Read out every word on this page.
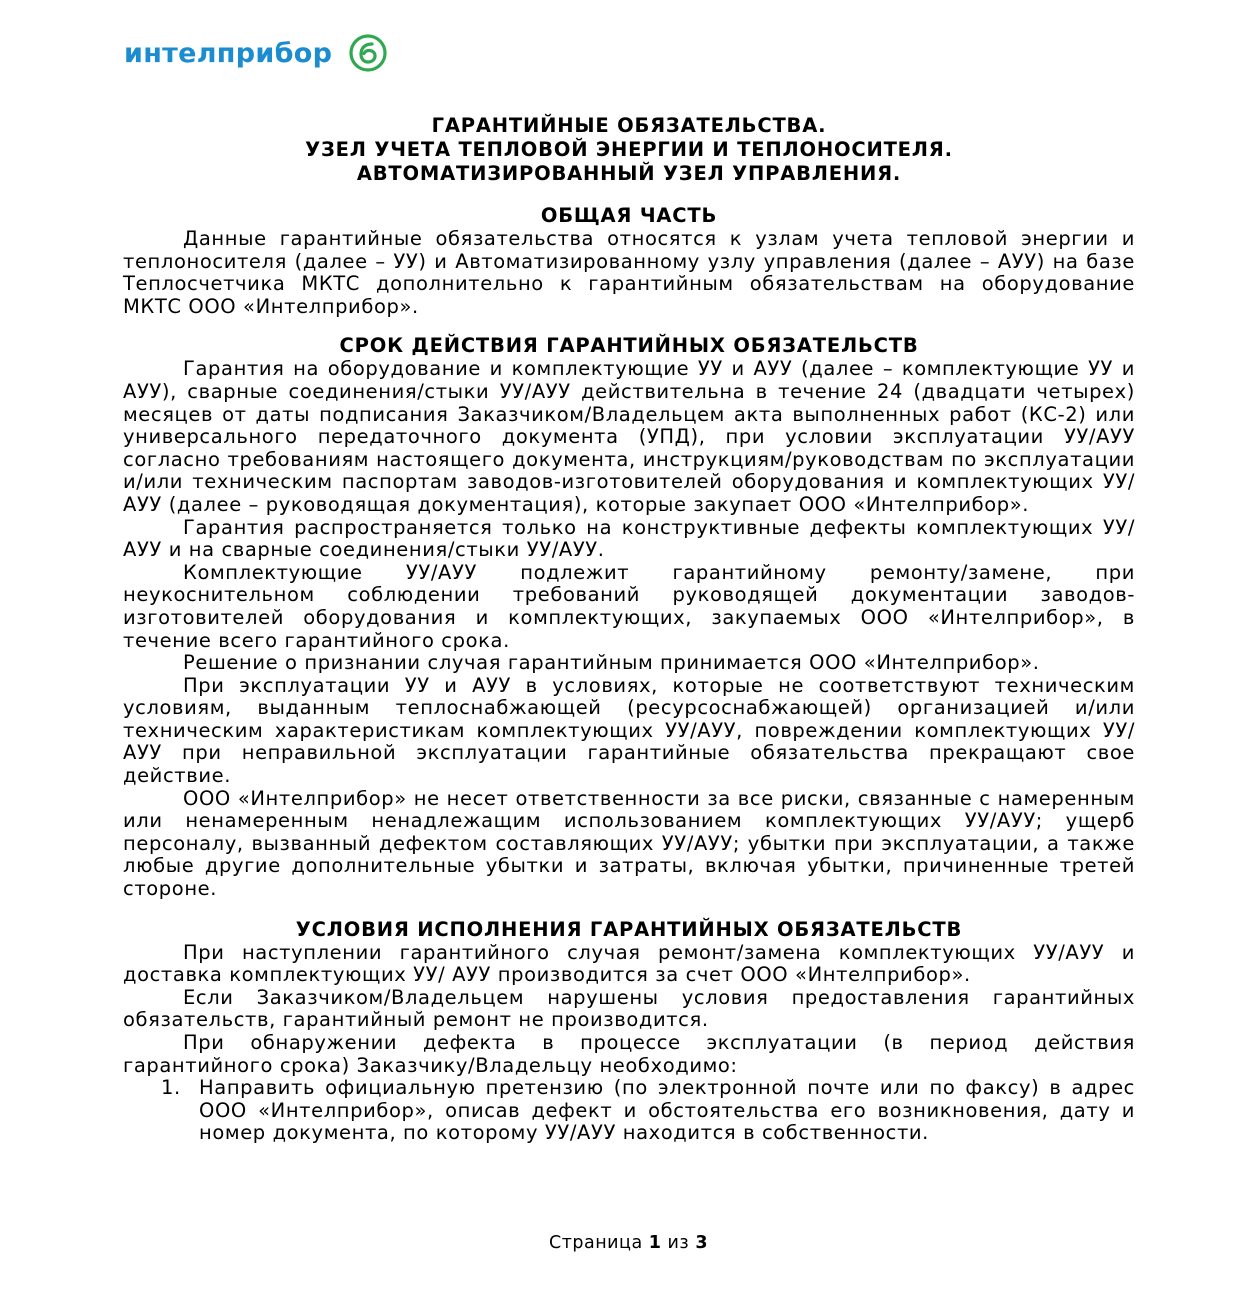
интелприбор
ГАРАНТИЙНЫЕ ОБЯЗАТЕЛЬСТВА.
УЗЕЛ УЧЕТА ТЕПЛОВОЙ ЭНЕРГИИ И ТЕПЛОНОСИТЕЛЯ.
АВТОМАТИЗИРОВАННЫЙ УЗЕЛ УПРАВЛЕНИЯ.
ОБЩАЯ ЧАСТЬ

Данные гарантийные обязательства относятся к узлам учета тепловой энергии и теплоносителя (далее – УУ) и Автоматизированному узлу управления (далее – АУУ) на базе Теплосчетчика МКТС дополнительно к гарантийным обязательствам на оборудование МКТС ООО «Интелприбор».

СРОК ДЕЙСТВИЯ ГАРАНТИЙНЫХ ОБЯЗАТЕЛЬСТВ

Гарантия на оборудование и комплектующие УУ и АУУ (далее – комплектующие УУ и АУУ), сварные соединения/стыки УУ/АУУ действительна в течение 24 (двадцати четырех) месяцев от даты подписания Заказчиком/Владельцем акта выполненных работ (КС-2) или универсального передаточного документа (УПД), при условии эксплуатации УУ/АУУ согласно требованиям настоящего документа, инструкциям/руководствам по эксплуатации и/или техническим паспортам заводов-изготовителей оборудования и комплектующих УУ/АУУ (далее – руководящая документация), которые закупает ООО «Интелприбор».

Гарантия распространяется только на конструктивные дефекты комплектующих УУ/АУУ и на сварные соединения/стыки УУ/АУУ.

Комплектующие УУ/АУУ подлежит гарантийному ремонту/замене, при неукоснительном соблюдении требований руководящей документации заводов-изготовителей оборудования и комплектующих, закупаемых ООО «Интелприбор», в течение всего гарантийного срока.

Решение о признании случая гарантийным принимается ООО «Интелприбор».

При эксплуатации УУ и АУУ в условиях, которые не соответствуют техническим условиям, выданным теплоснабжающей (ресурсоснабжающей) организацией и/или техническим характеристикам комплектующих УУ/АУУ, повреждении комплектующих УУ/АУУ при неправильной эксплуатации гарантийные обязательства прекращают свое действие.

ООО «Интелприбор» не несет ответственности за все риски, связанные с намеренным или ненамеренным ненадлежащим использованием комплектующих УУ/АУУ; ущерб персоналу, вызванный дефектом составляющих УУ/АУУ; убытки при эксплуатации, а также любые другие дополнительные убытки и затраты, включая убытки, причиненные третей стороне.

УСЛОВИЯ ИСПОЛНЕНИЯ ГАРАНТИЙНЫХ ОБЯЗАТЕЛЬСТВ

При наступлении гарантийного случая ремонт/замена комплектующих УУ/АУУ и доставка комплектующих УУ/ АУУ производится за счет ООО «Интелприбор».

Если Заказчиком/Владельцем нарушены условия предоставления гарантийных обязательств, гарантийный ремонт не производится.

При обнаружении дефекта в процессе эксплуатации (в период действия гарантийного срока) Заказчику/Владельцу необходимо:

1. Направить официальную претензию (по электронной почте или по факсу) в адрес ООО «Интелприбор», описав дефект и обстоятельства его возникновения, дату и номер документа, по которому УУ/АУУ находится в собственности.
Страница 1 из 3
